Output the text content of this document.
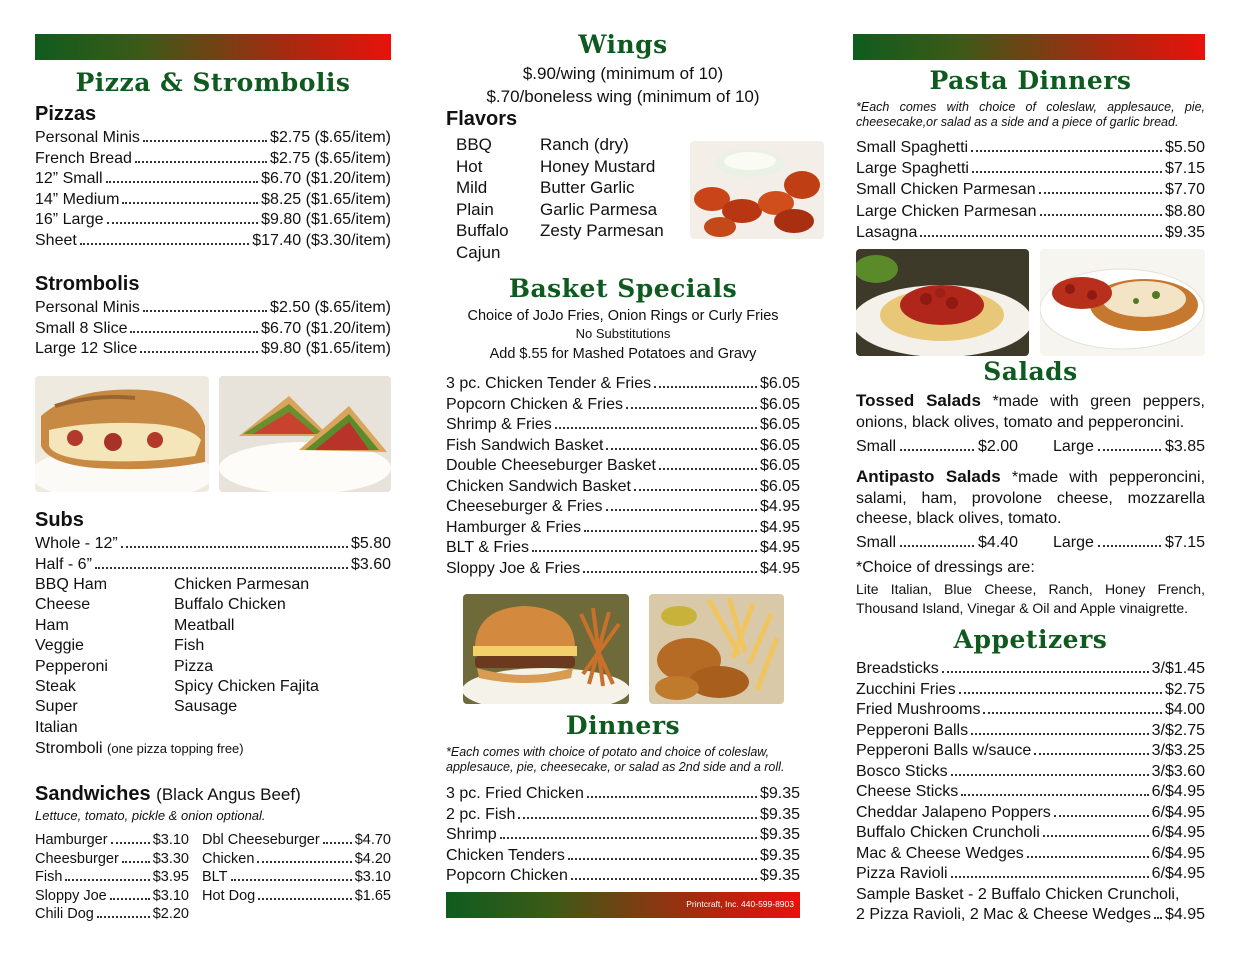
Pizza & Strombolis
Pizzas
Personal Minis	$2.75 ($.65/item)
French Bread	$2.75 ($.65/item)
12” Small	$6.70 ($1.20/item)
14” Medium	$8.25 ($1.65/item)
16” Large	$9.80 ($1.65/item)
Sheet	$17.40 ($3.30/item)
Strombolis
Personal Minis	$2.50 ($.65/item)
Small 8 Slice	$6.70 ($1.20/item)
Large 12 Slice	$9.80 ($1.65/item)
Subs
Whole - 12”	$5.80
Half - 6”	$3.60
BBQ Ham	Chicken Parmesan
Cheese	Buffalo Chicken
Ham	Meatball
Veggie	Fish
Pepperoni	Pizza
Steak	Spicy Chicken Fajita
Super	Sausage
Italian
Stromboli (one pizza topping free)
Sandwiches (Black Angus Beef)
Lettuce, tomato, pickle & onion optional.
Hamburger	$3.10
Cheesburger $3.30
Fish	$3.95
Sloppy Joe	$3.10
Chili Dog	$2.20
Dbl Cheeseburger $4.70
Chicken	$4.20
BLT	$3.10
Hot Dog	$1.65
Wings
$.90/wing (minimum of 10)
$.70/boneless wing (minimum of 10)
Flavors
BBQ	Ranch (dry)
Hot	Honey Mustard
Mild	Butter Garlic
Plain	Garlic Parmesa
Buffalo	Zesty Parmesan
Cajun
Basket Specials
Choice of JoJo Fries, Onion Rings or Curly Fries
No Substitutions
Add $.55 for Mashed Potatoes and Gravy
3 pc. Chicken Tender & Fries	$6.05
Popcorn Chicken & Fries	$6.05
Shrimp & Fries	$6.05
Fish Sandwich Basket	$6.05
Double Cheeseburger Basket	$6.05
Chicken Sandwich Basket	$6.05
Cheeseburger & Fries	$4.95
Hamburger & Fries	$4.95
BLT & Fries	$4.95
Sloppy Joe & Fries	$4.95
Dinners
*Each comes with choice of potato and choice of coleslaw, applesauce, pie, cheesecake, or salad as 2nd side and a roll.
3 pc. Fried Chicken	$9.35
2 pc. Fish	$9.35
Shrimp	$9.35
Chicken Tenders	$9.35
Popcorn Chicken	$9.35
Printcraft, Inc. 440-599-8903
Pasta Dinners
*Each comes with choice of coleslaw, applesauce, pie, cheesecake,or salad as a side and a piece of garlic bread.
Small Spaghetti	$5.50
Large Spaghetti	$7.15
Small Chicken Parmesan	$7.70
Large Chicken Parmesan	$8.80
Lasagna	$9.35
Salads
Tossed Salads *made with green peppers, onions, black olives, tomato and pepperoncini.
Small	$2.00 Large	$3.85
Antipasto Salads *made with pepperoncini, salami, ham, provolone cheese, mozzarella cheese, black olives, tomato.
Small	$4.40 Large	$7.15
*Choice of dressings are:
Lite Italian, Blue Cheese, Ranch, Honey French, Thousand Island, Vinegar & Oil and Apple vinaigrette.
Appetizers
Breadsticks	3/$1.45
Zucchini Fries	$2.75
Fried Mushrooms	$4.00
Pepperoni Balls	3/$2.75
Pepperoni Balls w/sauce	3/$3.25
Bosco Sticks	3/$3.60
Cheese Sticks	6/$4.95
Cheddar Jalapeno Poppers	6/$4.95
Buffalo Chicken Cruncholi	6/$4.95
Mac & Cheese Wedges	6/$4.95
Pizza Ravioli	6/$4.95
Sample Basket - 2 Buffalo Chicken Cruncholi,
2 Pizza Ravioli, 2 Mac & Cheese Wedges $4.95
